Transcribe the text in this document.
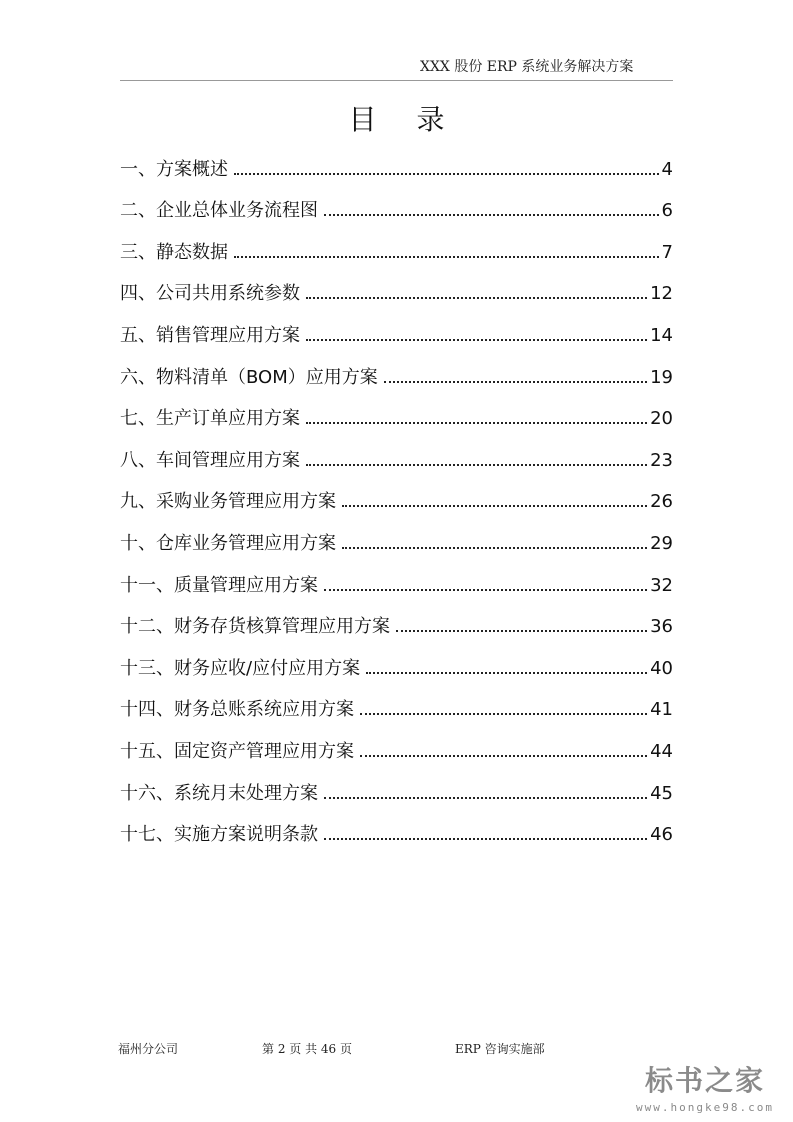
XXX 股份 ERP 系统业务解决方案
目录
一、方案概述	4
二、企业总体业务流程图	6
三、静态数据	7
四、公司共用系统参数	12
五、销售管理应用方案	14
六、物料清单（BOM）应用方案	19
七、生产订单应用方案	20
八、车间管理应用方案	23
九、采购业务管理应用方案	26
十、仓库业务管理应用方案	29
十一、质量管理应用方案	32
十二、财务存货核算管理应用方案	36
十三、财务应收/应付应用方案	40
十四、财务总账系统应用方案	41
十五、固定资产管理应用方案	44
十六、系统月末处理方案	45
十七、实施方案说明条款	46
福州分公司	第 2 页 共 46 页	ERP 咨询实施部
标书之家
www.hongke98.com
